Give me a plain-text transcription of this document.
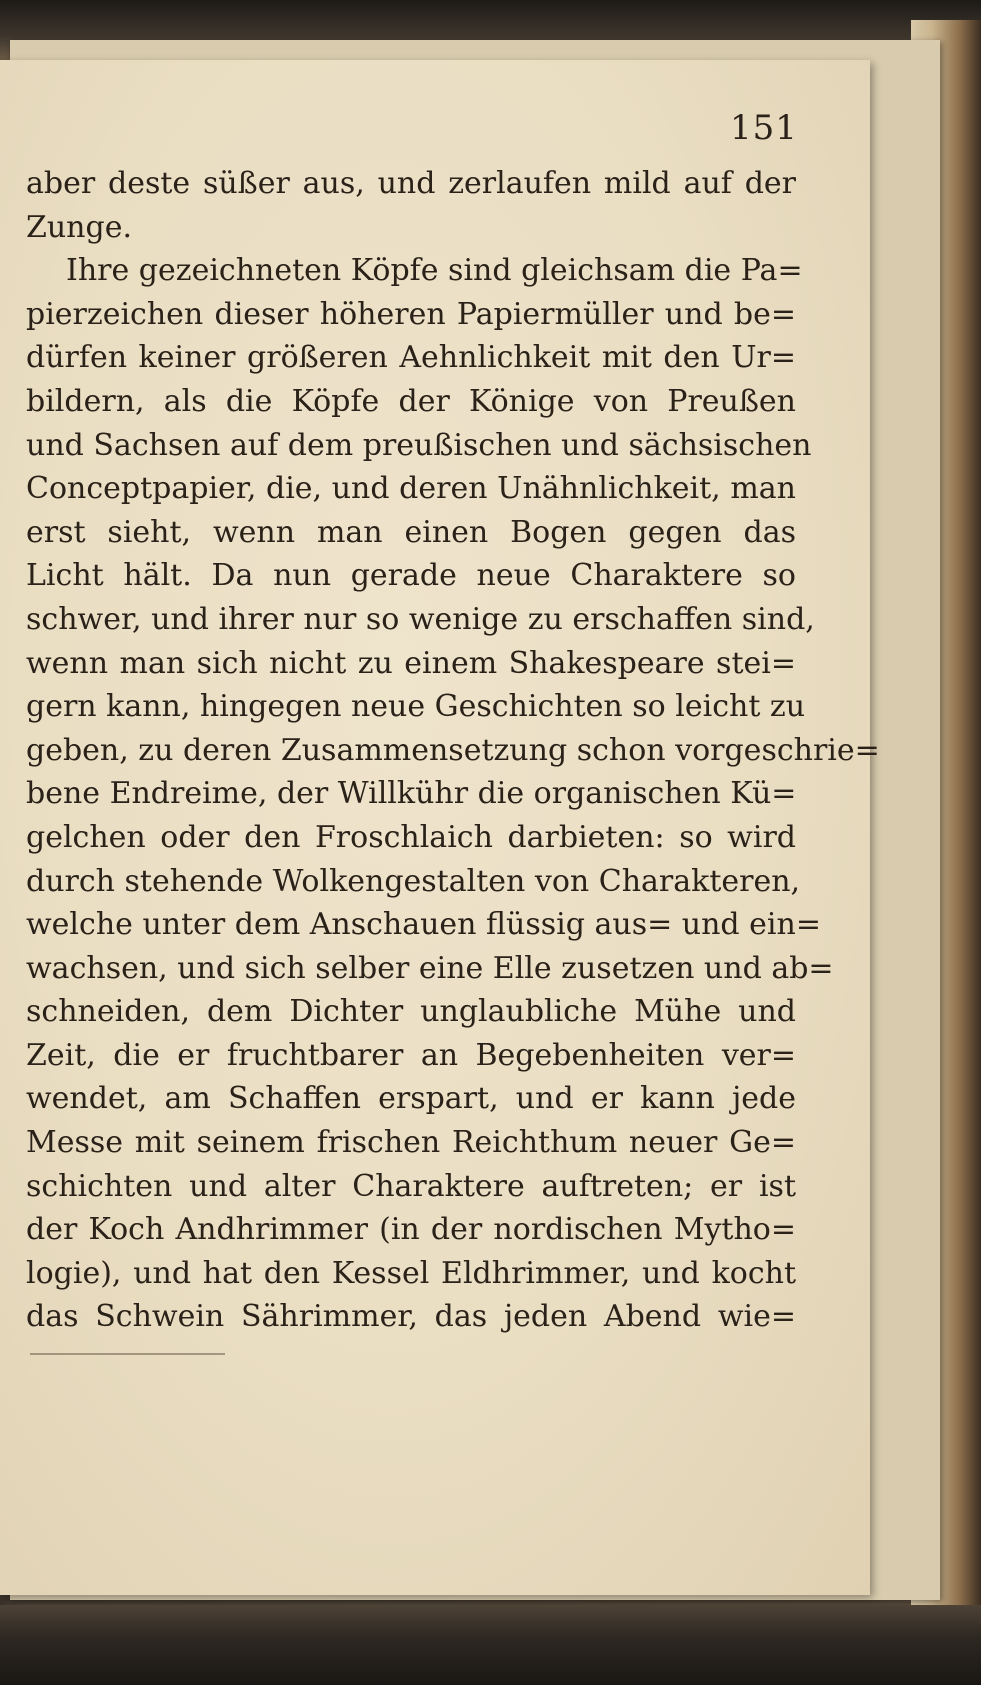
151
aber deste süßer aus, und zerlaufen mild auf der
Zunge.
Ihre gezeichneten Köpfe sind gleichsam die Pa=
pierzeichen dieser höheren Papiermüller und be=
dürfen keiner größeren Aehnlichkeit mit den Ur=
bildern, als die Köpfe der Könige von Preußen
und Sachsen auf dem preußischen und sächsischen
Conceptpapier, die, und deren Unähnlichkeit, man
erst sieht, wenn man einen Bogen gegen das
Licht hält. Da nun gerade neue Charaktere so
schwer, und ihrer nur so wenige zu erschaffen sind,
wenn man sich nicht zu einem Shakespeare stei=
gern kann, hingegen neue Geschichten so leicht zu
geben, zu deren Zusammensetzung schon vorgeschrie=
bene Endreime, der Willkühr die organischen Kü=
gelchen oder den Froschlaich darbieten: so wird
durch stehende Wolkengestalten von Charakteren,
welche unter dem Anschauen flüssig aus= und ein=
wachsen, und sich selber eine Elle zusetzen und ab=
schneiden, dem Dichter unglaubliche Mühe und
Zeit, die er fruchtbarer an Begebenheiten ver=
wendet, am Schaffen erspart, und er kann jede
Messe mit seinem frischen Reichthum neuer Ge=
schichten und alter Charaktere auftreten; er ist
der Koch Andhrimmer (in der nordischen Mytho=
logie), und hat den Kessel Eldhrimmer, und kocht
das Schwein Sährimmer, das jeden Abend wie=
